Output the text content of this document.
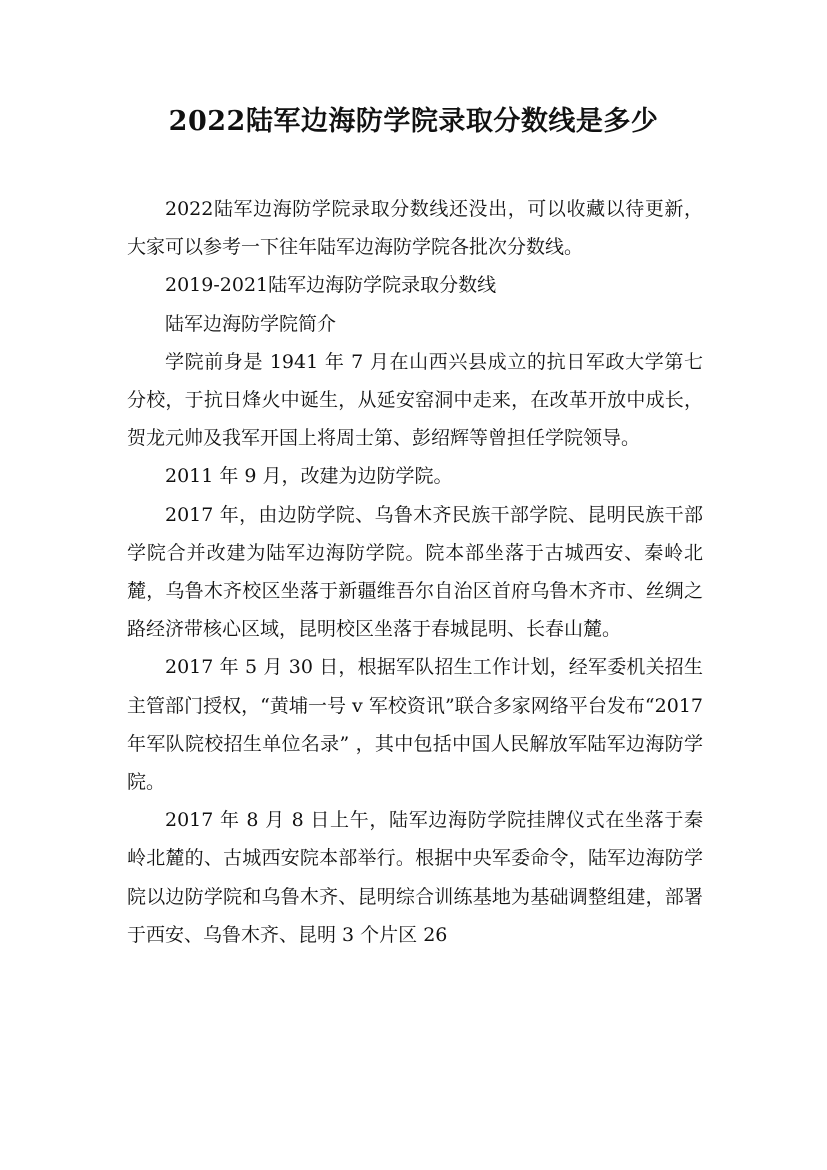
2022陆军边海防学院录取分数线是多少

2022陆军边海防学院录取分数线还没出，可以收藏以待更新，大家可以参考一下往年陆军边海防学院各批次分数线。

2019-2021陆军边海防学院录取分数线

陆军边海防学院简介

学院前身是 1941 年 7 月在山西兴县成立的抗日军政大学第七分校，于抗日烽火中诞生，从延安窑洞中走来，在改革开放中成长，贺龙元帅及我军开国上将周士第、彭绍辉等曾担任学院领导。

2011 年 9 月，改建为边防学院。

2017 年，由边防学院、乌鲁木齐民族干部学院、昆明民族干部学院合并改建为陆军边海防学院。院本部坐落于古城西安、秦岭北麓，乌鲁木齐校区坐落于新疆维吾尔自治区首府乌鲁木齐市、丝绸之路经济带核心区域，昆明校区坐落于春城昆明、长春山麓。

2017 年 5 月 30 日，根据军队招生工作计划，经军委机关招生主管部门授权，“黄埔一号 v 军校资讯”联合多家网络平台发布“2017 年军队院校招生单位名录” ，其中包括中国人民解放军陆军边海防学院。

2017 年 8 月 8 日上午，陆军边海防学院挂牌仪式在坐落于秦岭北麓的、古城西安院本部举行。根据中央军委命令，陆军边海防学院以边防学院和乌鲁木齐、昆明综合训练基地为基础调整组建，部署于西安、乌鲁木齐、昆明 3 个片区 26
